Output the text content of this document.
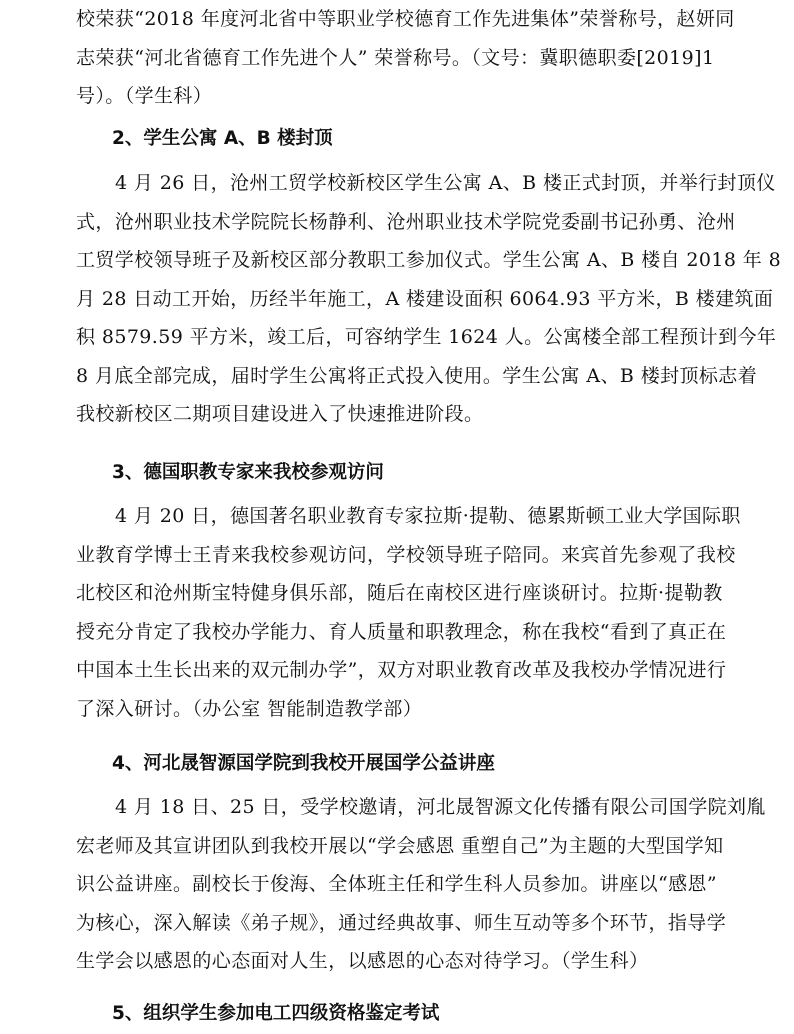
校荣获“2018 年度河北省中等职业学校德育工作先进集体”荣誉称号，赵妍同
志荣获“河北省德育工作先进个人” 荣誉称号。（文号：冀职德职委[2019]1
号）。（学生科）
2、学生公寓 A、B 楼封顶
4 月 26 日，沧州工贸学校新校区学生公寓 A、B 楼正式封顶，并举行封顶仪
式，沧州职业技术学院院长杨静利、沧州职业技术学院党委副书记孙勇、沧州
工贸学校领导班子及新校区部分教职工参加仪式。学生公寓 A、B 楼自 2018 年 8
月 28 日动工开始，历经半年施工，A 楼建设面积 6064.93 平方米，B 楼建筑面
积 8579.59 平方米，竣工后，可容纳学生 1624 人。公寓楼全部工程预计到今年
8 月底全部完成，届时学生公寓将正式投入使用。学生公寓 A、B 楼封顶标志着
我校新校区二期项目建设进入了快速推进阶段。
3、德国职教专家来我校参观访问
4 月 20 日，德国著名职业教育专家拉斯·提勒、德累斯顿工业大学国际职
业教育学博士王青来我校参观访问，学校领导班子陪同。来宾首先参观了我校
北校区和沧州斯宝特健身俱乐部，随后在南校区进行座谈研讨。拉斯·提勒教
授充分肯定了我校办学能力、育人质量和职教理念，称在我校“看到了真正在
中国本土生长出来的双元制办学”，双方对职业教育改革及我校办学情况进行
了深入研讨。（办公室 智能制造教学部）
4、河北晟智源国学院到我校开展国学公益讲座
4 月 18 日、25 日，受学校邀请，河北晟智源文化传播有限公司国学院刘胤
宏老师及其宣讲团队到我校开展以“学会感恩 重塑自己”为主题的大型国学知
识公益讲座。副校长于俊海、全体班主任和学生科人员参加。讲座以“感恩”
为核心，深入解读《弟子规》，通过经典故事、师生互动等多个环节，指导学
生学会以感恩的心态面对人生，以感恩的心态对待学习。（学生科）
5、组织学生参加电工四级资格鉴定考试
